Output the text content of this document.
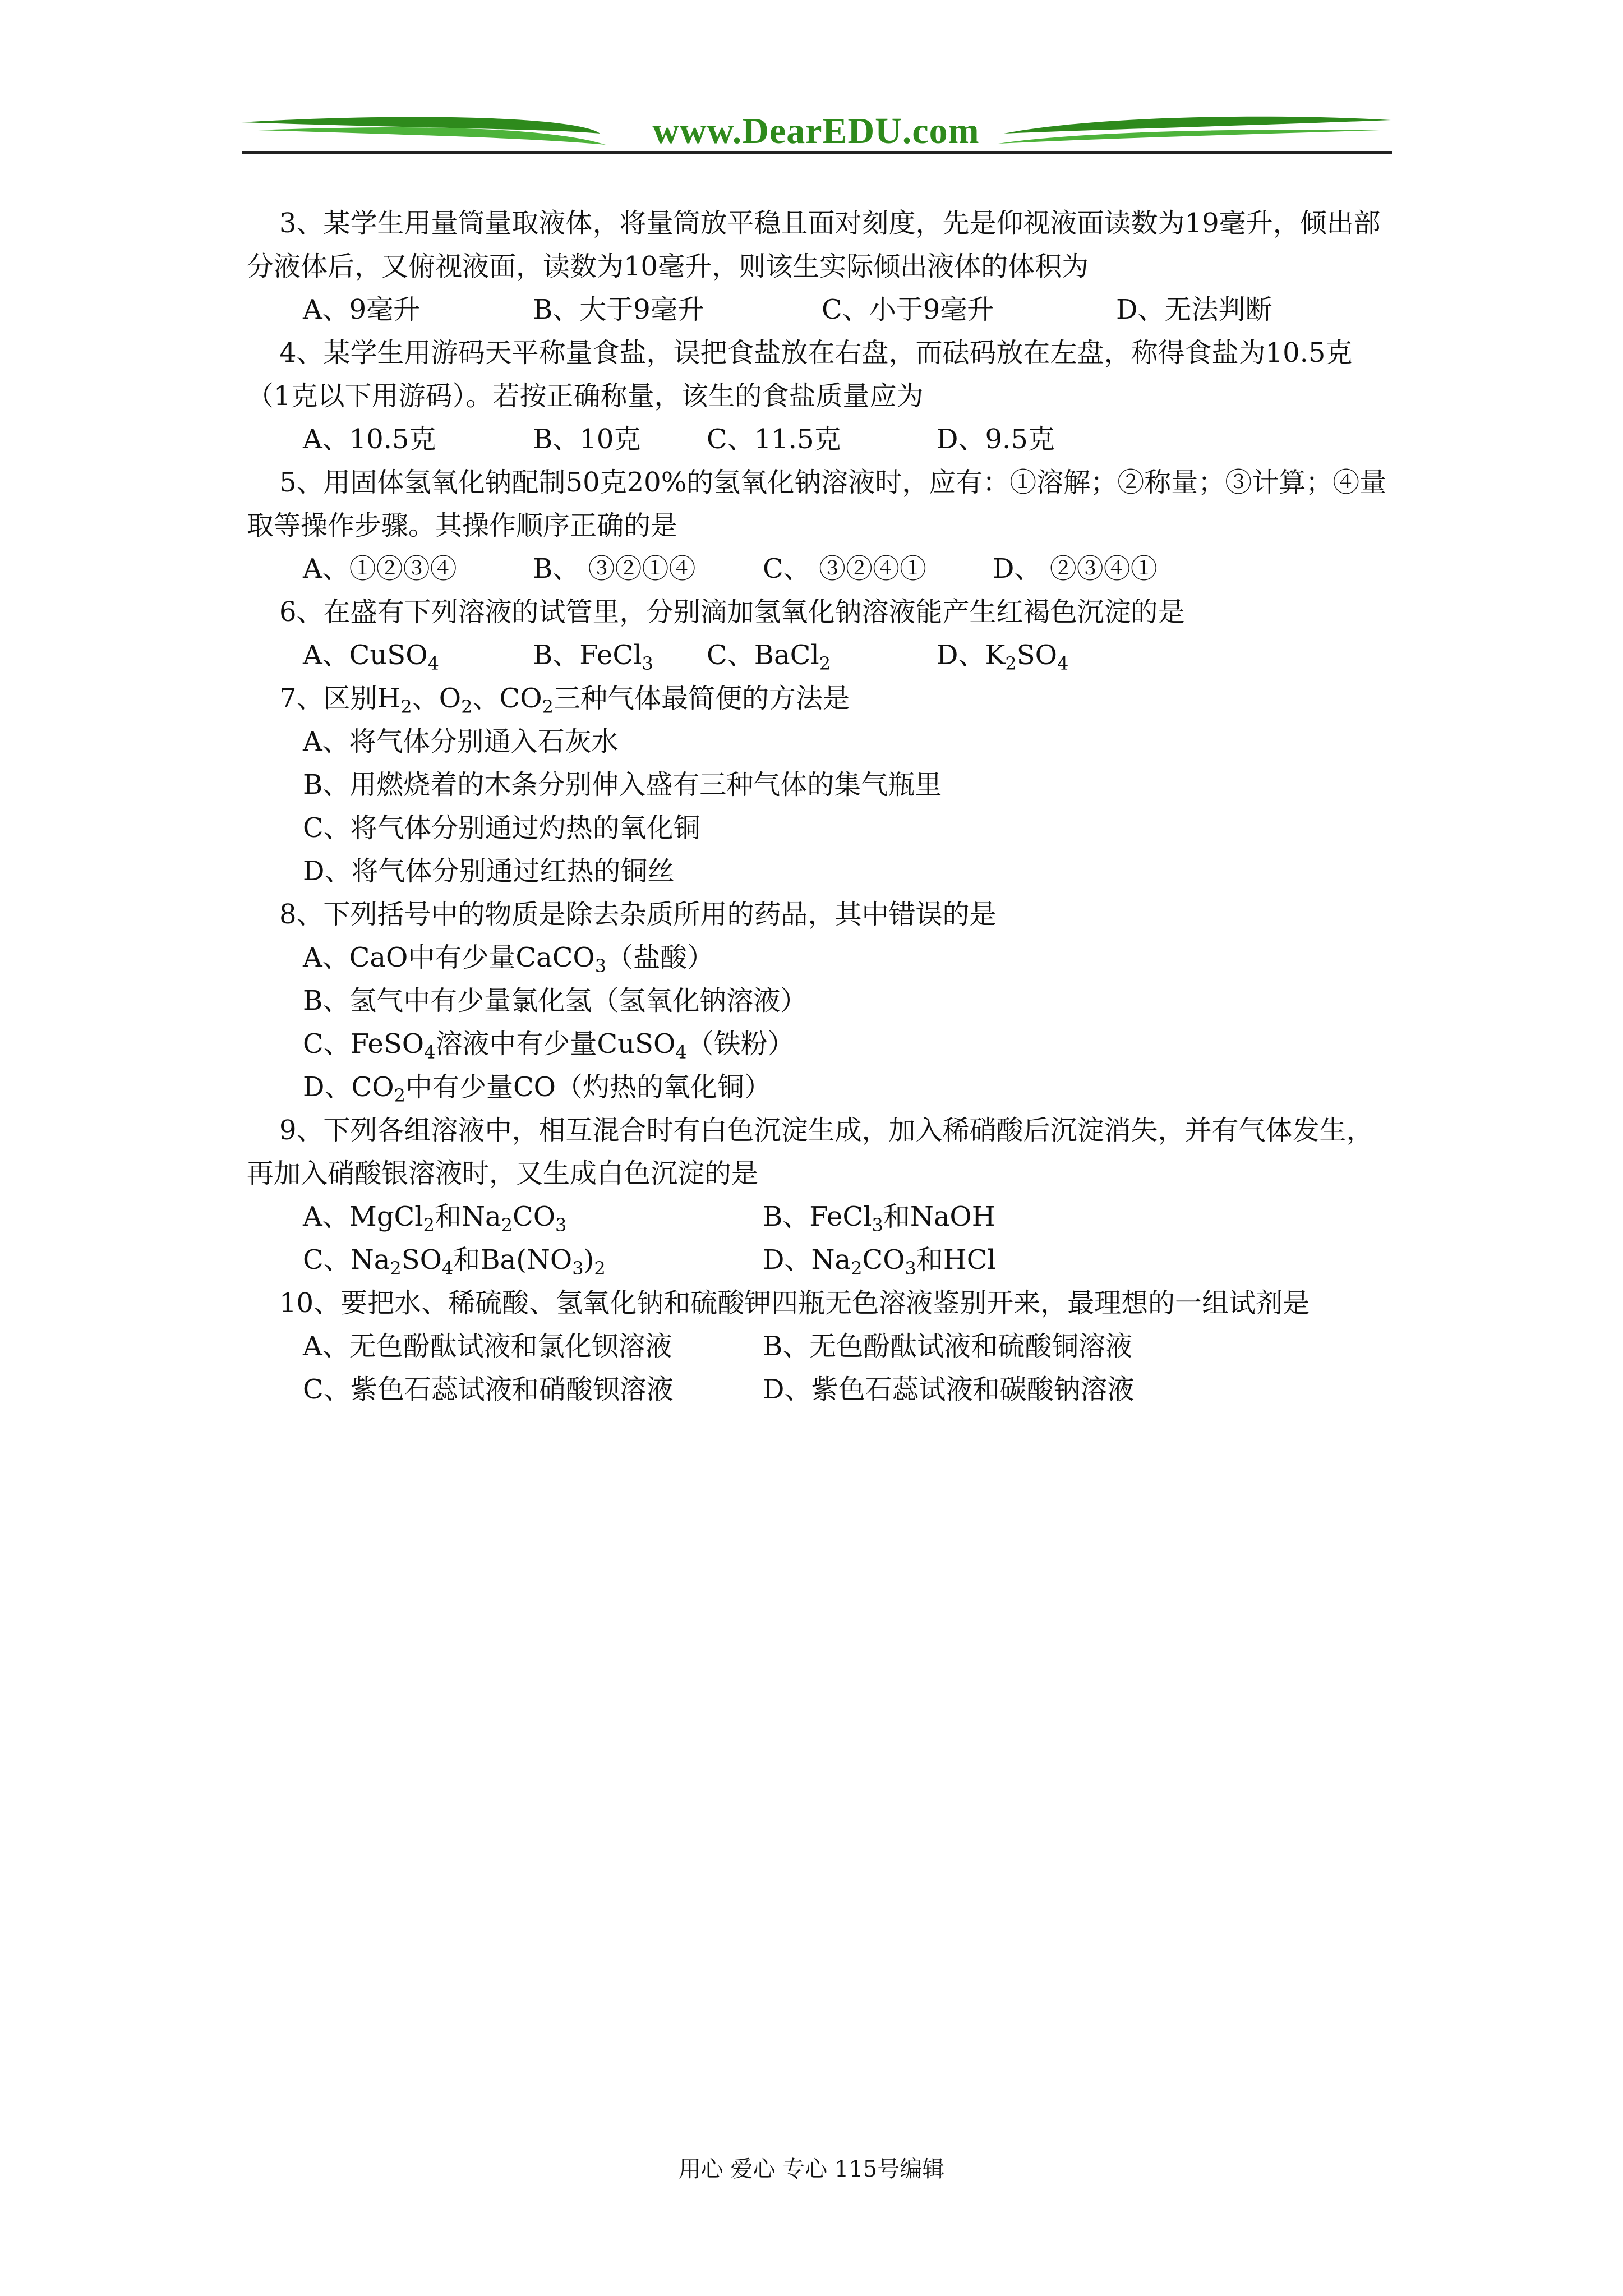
www.DearEDU.com

3、某学生用量筒量取液体，将量筒放平稳且面对刻度，先是仰视液面读数为19毫升，倾出部分液体后，又俯视液面，读数为10毫升，则该生实际倾出液体的体积为

A、9毫升	B、大于9毫升	C、小于9毫升	D、无法判断

4、某学生用游码天平称量食盐，误把食盐放在右盘，而砝码放在左盘，称得食盐为10.5克（1克以下用游码）。若按正确称量，该生的食盐质量应为

A、10.5克	B、10克	C、11.5克	D、9.5克

5、用固体氢氧化钠配制50克20%的氢氧化钠溶液时，应有：①溶解；②称量；③计算；④量取等操作步骤。其操作顺序正确的是

A、①②③④	B、 ③②①④	C、 ③②④①	D、 ②③④①

6、在盛有下列溶液的试管里，分别滴加氢氧化钠溶液能产生红褐色沉淀的是

A、CuSO$_4$	B、FeCl$_3$	C、BaCl$_2$	D、$K_2SO_4$

7、区别$H_2$、$O_2$、$CO_2$三种气体最简便的方法是

A、将气体分别通入石灰水
B、用燃烧着的木条分别伸入盛有三种气体的集气瓶里
C、将气体分别通过灼热的氧化铜
D、将气体分别通过红热的铜丝

8、下列括号中的物质是除去杂质所用的药品，其中错误的是

A、CaO中有少量CaCO$_3$（盐酸）
B、氢气中有少量氯化氢（氢氧化钠溶液）
C、FeSO$_4$溶液中有少量CuSO$_4$（铁粉）
D、$CO_2$中有少量CO（灼热的氧化铜）

9、下列各组溶液中，相互混合时有白色沉淀生成，加入稀硝酸后沉淀消失，并有气体发生，再加入硝酸银溶液时，又生成白色沉淀的是

A、MgCl$_2$和$Na_2CO_3$	B、FeCl$_3$和NaOH
C、$Na_2SO_4$和$Ba(NO_3)_2$	D、$Na_2CO_3$和HCl

10、要把水、稀硫酸、氢氧化钠和硫酸钾四瓶无色溶液鉴别开来，最理想的一组试剂是

A、无色酚酞试液和氯化钡溶液	B、无色酚酞试液和硫酸铜溶液
C、紫色石蕊试液和硝酸钡溶液	D、紫色石蕊试液和碳酸钠溶液
用心 爱心 专心 115号编辑
